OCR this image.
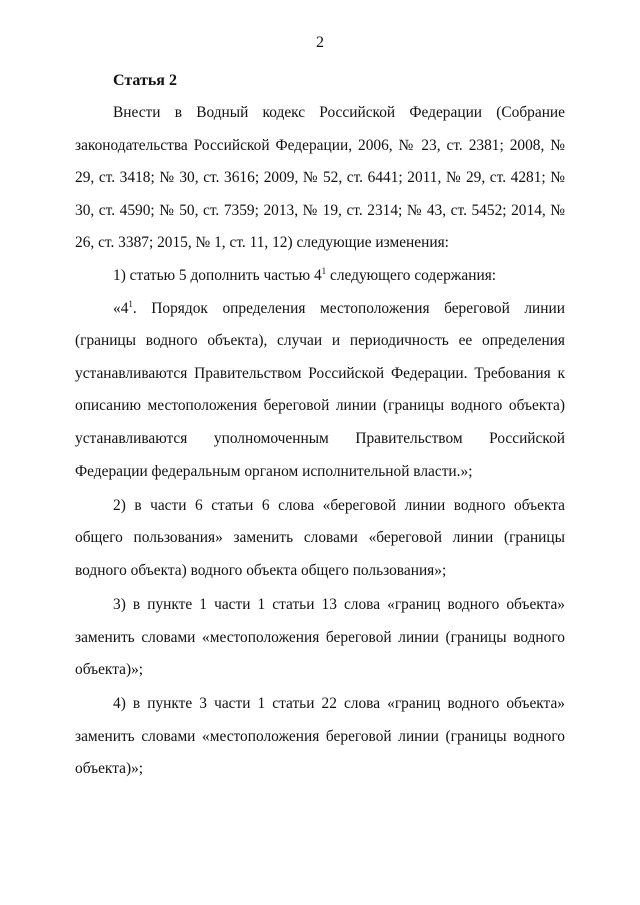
2
Статья 2

Внести в Водный кодекс Российской Федерации (Собрание законодательства Российской Федерации, 2006, № 23, ст. 2381; 2008, № 29, ст. 3418; № 30, ст. 3616; 2009, № 52, ст. 6441; 2011, № 29, ст. 4281; № 30, ст. 4590; № 50, ст. 7359; 2013, № 19, ст. 2314; № 43, ст. 5452; 2014, № 26, ст. 3387; 2015, № 1, ст. 11, 12) следующие изменения:

1) статью 5 дополнить частью $4^1$ следующего содержания:

«$4^1$. Порядок определения местоположения береговой линии (границы водного объекта), случаи и периодичность ее определения устанавливаются Правительством Российской Федерации. Требования к описанию местоположения береговой линии (границы водного объекта) устанавливаются уполномоченным Правительством Российской Федерации федеральным органом исполнительной власти.»;

2) в части 6 статьи 6 слова «береговой линии водного объекта общего пользования» заменить словами «береговой линии (границы водного объекта) водного объекта общего пользования»;

3) в пункте 1 части 1 статьи 13 слова «границ водного объекта» заменить словами «местоположения береговой линии (границы водного объекта)»;

4) в пункте 3 части 1 статьи 22 слова «границ водного объекта» заменить словами «местоположения береговой линии (границы водного объекта)»;
